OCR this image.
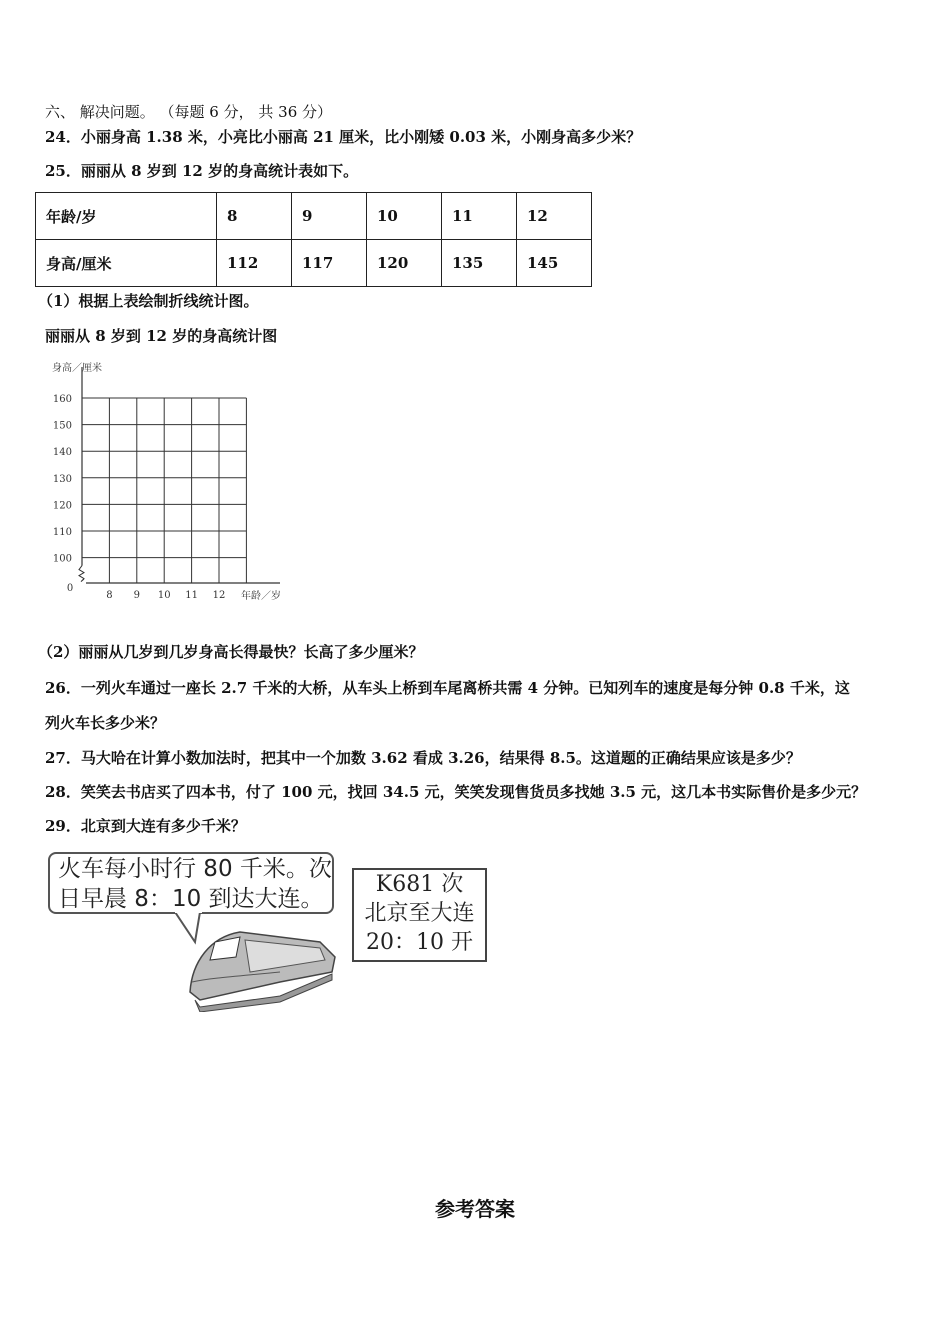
六、 解决问题。 （每题 6 分， 共 36 分）
24．小丽身高 1.38 米，小亮比小丽高 21 厘米，比小刚矮 0.03 米，小刚身高多少米？
25．丽丽从 8 岁到 12 岁的身高统计表如下。
年龄/岁	8	9	10	11	12
身高/厘米	112	117	120	135	145
（1）根据上表绘制折线统计图。
丽丽从 8 岁到 12 岁的身高统计图
100
110
120
130
140
150
160
8 9 10 11 12
0
身高／厘米
年龄／岁
（2）丽丽从几岁到几岁身高长得最快？长高了多少厘米？
26．一列火车通过一座长 2.7 千米的大桥，从车头上桥到车尾离桥共需 4 分钟。已知列车的速度是每分钟 0.8 千米，这
列火车长多少米？
27．马大哈在计算小数加法时，把其中一个加数 3.62 看成 3.26，结果得 8.5。这道题的正确结果应该是多少？
28．笑笑去书店买了四本书，付了 100 元，找回 34.5 元，笑笑发现售货员多找她 3.5 元，这几本书实际售价是多少元？
29．北京到大连有多少千米？
火车每小时行 80 千米。次
日早晨 8：10 到达大连。
K681 次
北京至大连
20：10 开
参考答案
